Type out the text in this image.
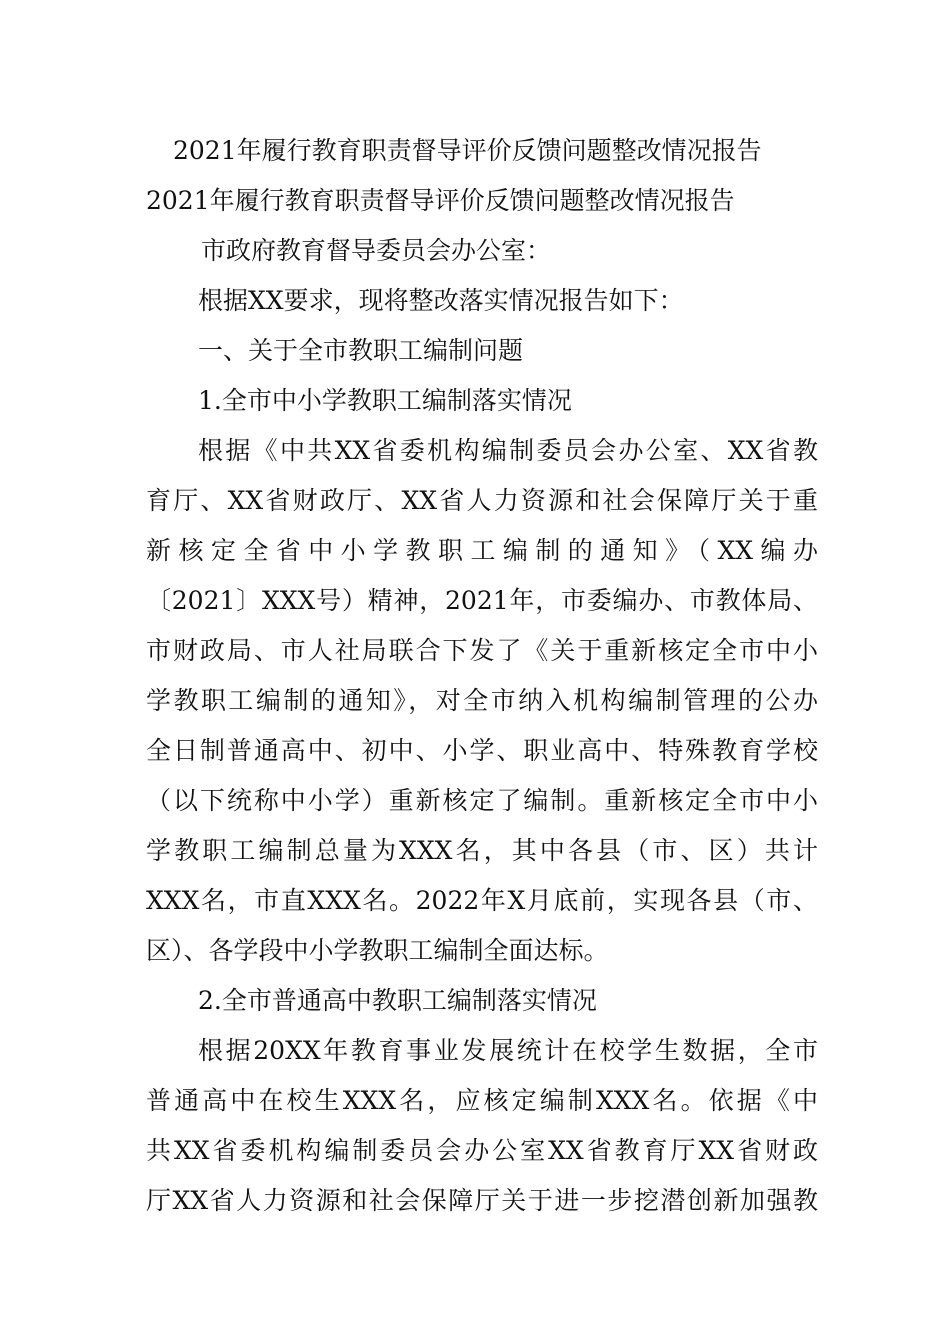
2021年履行教育职责督导评价反馈问题整改情况报告
2021年履行教育职责督导评价反馈问题整改情况报告
市政府教育督导委员会办公室：
根据XX要求，现将整改落实情况报告如下：
一、关于全市教职工编制问题
1.全市中小学教职工编制落实情况
根据《中共XX省委机构编制委员会办公室、XX省教
育厅、XX省财政厅、XX省人力资源和社会保障厅关于重
新核定全省中小学教职工编制的通知》（XX编办
〔2021〕XXX号）精神，2021年，市委编办、市教体局、
市财政局、市人社局联合下发了《关于重新核定全市中小
学教职工编制的通知》，对全市纳入机构编制管理的公办
全日制普通高中、初中、小学、职业高中、特殊教育学校
（以下统称中小学）重新核定了编制。重新核定全市中小
学教职工编制总量为XXX名，其中各县（市、区）共计
XXX名，市直XXX名。2022年X月底前，实现各县（市、
区）、各学段中小学教职工编制全面达标。
2.全市普通高中教职工编制落实情况
根据20XX年教育事业发展统计在校学生数据，全市
普通高中在校生XXX名，应核定编制XXX名。依据《中
共XX省委机构编制委员会办公室XX省教育厅XX省财政
厅XX省人力资源和社会保障厅关于进一步挖潜创新加强教
